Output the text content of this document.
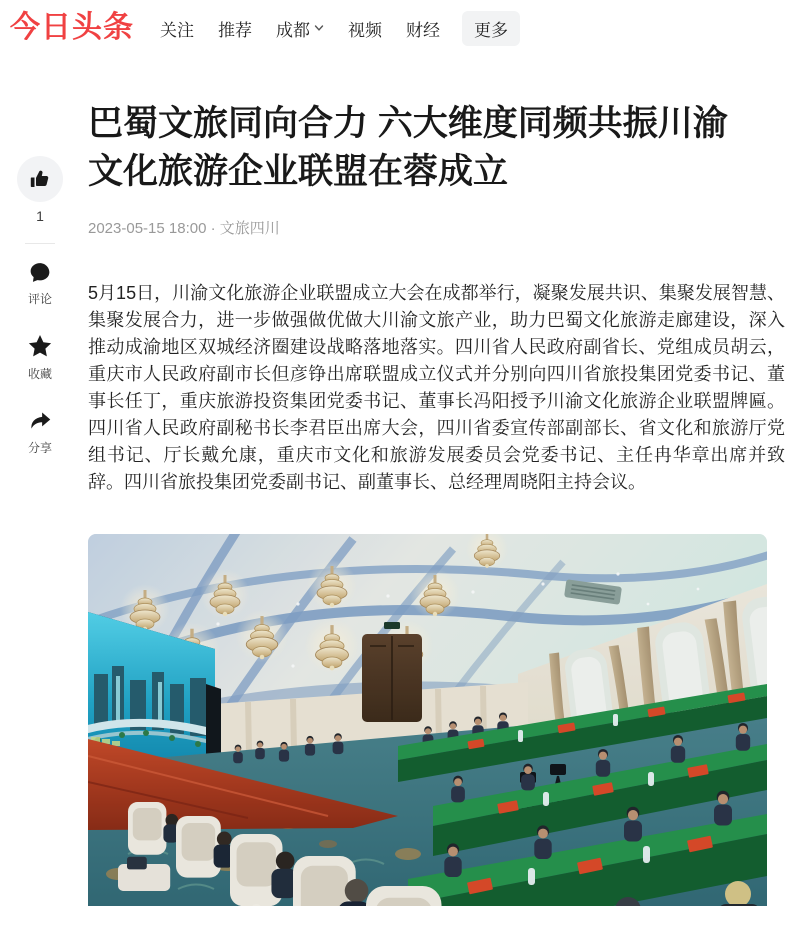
今日头条 关注 推荐 成都 视频 财经 更多
1
评论
收藏
分享
巴蜀文旅同向合力 六大维度同频共振川渝文化旅游企业联盟在蓉成立
2023-05-15 18:00 · 文旅四川

5月15日，川渝文化旅游企业联盟成立大会在成都举行，凝聚发展共识、集聚发展智慧、集聚发展合力，进一步做强做优做大川渝文旅产业，助力巴蜀文化旅游走廊建设，深入推动成渝地区双城经济圈建设战略落地落实。四川省人民政府副省长、党组成员胡云，重庆市人民政府副市长但彦铮出席联盟成立仪式并分别向四川省旅投集团党委书记、董事长任丁，重庆旅游投资集团党委书记、董事长冯阳授予川渝文化旅游企业联盟牌匾。四川省人民政府副秘书长李君臣出席大会，四川省委宣传部副部长、省文化和旅游厅党组书记、厅长戴允康，重庆市文化和旅游发展委员会党委书记、主任冉华章出席并致辞。四川省旅投集团党委副书记、副董事长、总经理周晓阳主持会议。
